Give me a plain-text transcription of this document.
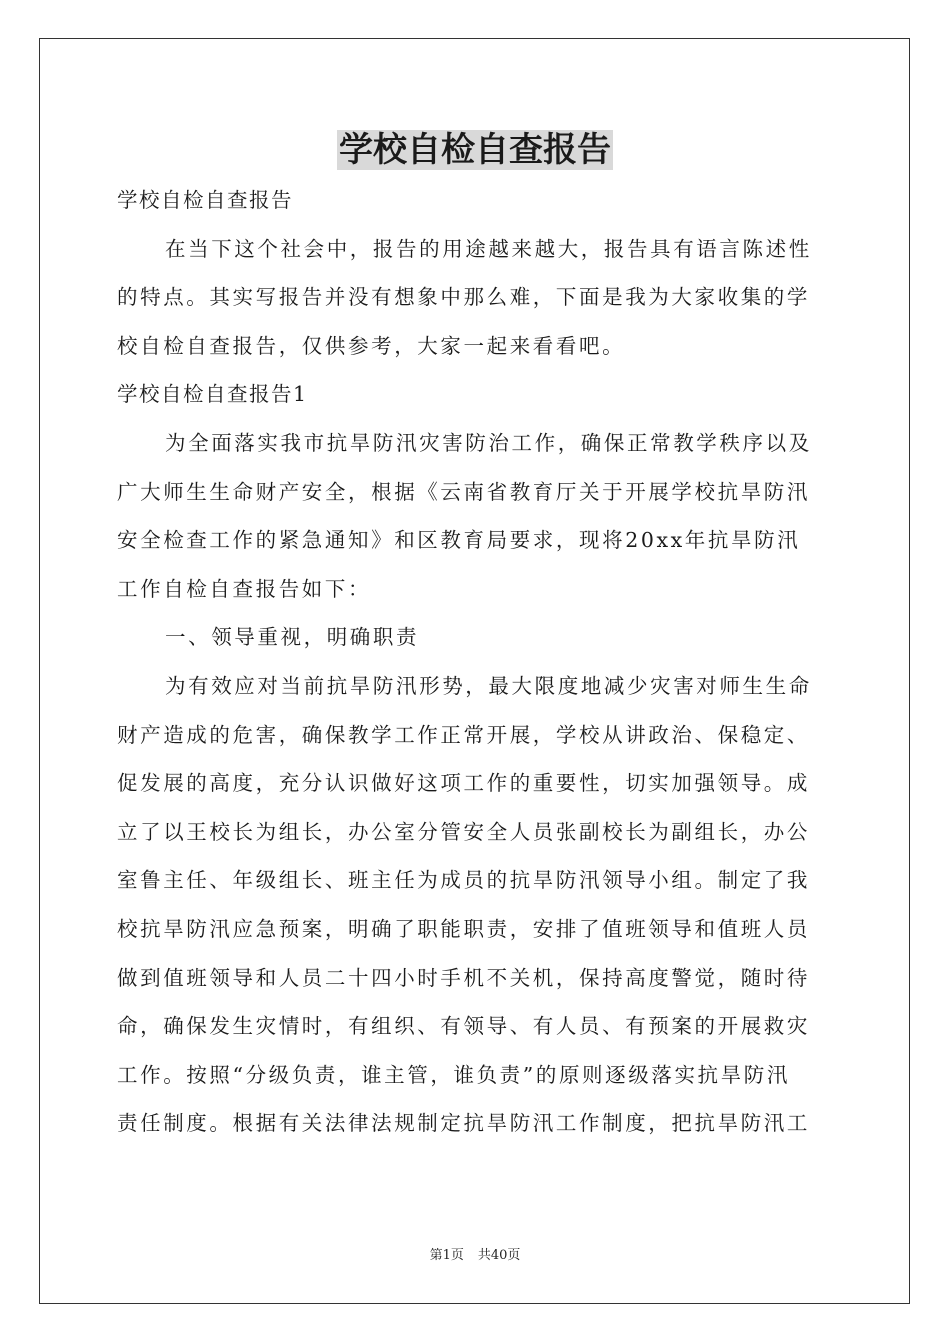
学校自检自查报告

学校自检自查报告

在当下这个社会中，报告的用途越来越大，报告具有语言陈述性

的特点。其实写报告并没有想象中那么难，下面是我为大家收集的学

校自检自查报告，仅供参考，大家一起来看看吧。

学校自检自查报告1

为全面落实我市抗旱防汛灾害防治工作，确保正常教学秩序以及

广大师生生命财产安全，根据《云南省教育厅关于开展学校抗旱防汛

安全检查工作的紧急通知》和区教育局要求，现将20xx年抗旱防汛

工作自检自查报告如下：

一、领导重视，明确职责

为有效应对当前抗旱防汛形势，最大限度地减少灾害对师生生命

财产造成的危害，确保教学工作正常开展，学校从讲政治、保稳定、

促发展的高度，充分认识做好这项工作的重要性，切实加强领导。成

立了以王校长为组长，办公室分管安全人员张副校长为副组长，办公

室鲁主任、年级组长、班主任为成员的抗旱防汛领导小组。制定了我

校抗旱防汛应急预案，明确了职能职责，安排了值班领导和值班人员

做到值班领导和人员二十四小时手机不关机，保持高度警觉，随时待

命，确保发生灾情时，有组织、有领导、有人员、有预案的开展救灾

工作。按照“分级负责，谁主管，谁负责”的原则逐级落实抗旱防汛

责任制度。根据有关法律法规制定抗旱防汛工作制度，把抗旱防汛工

第1页 共40页
